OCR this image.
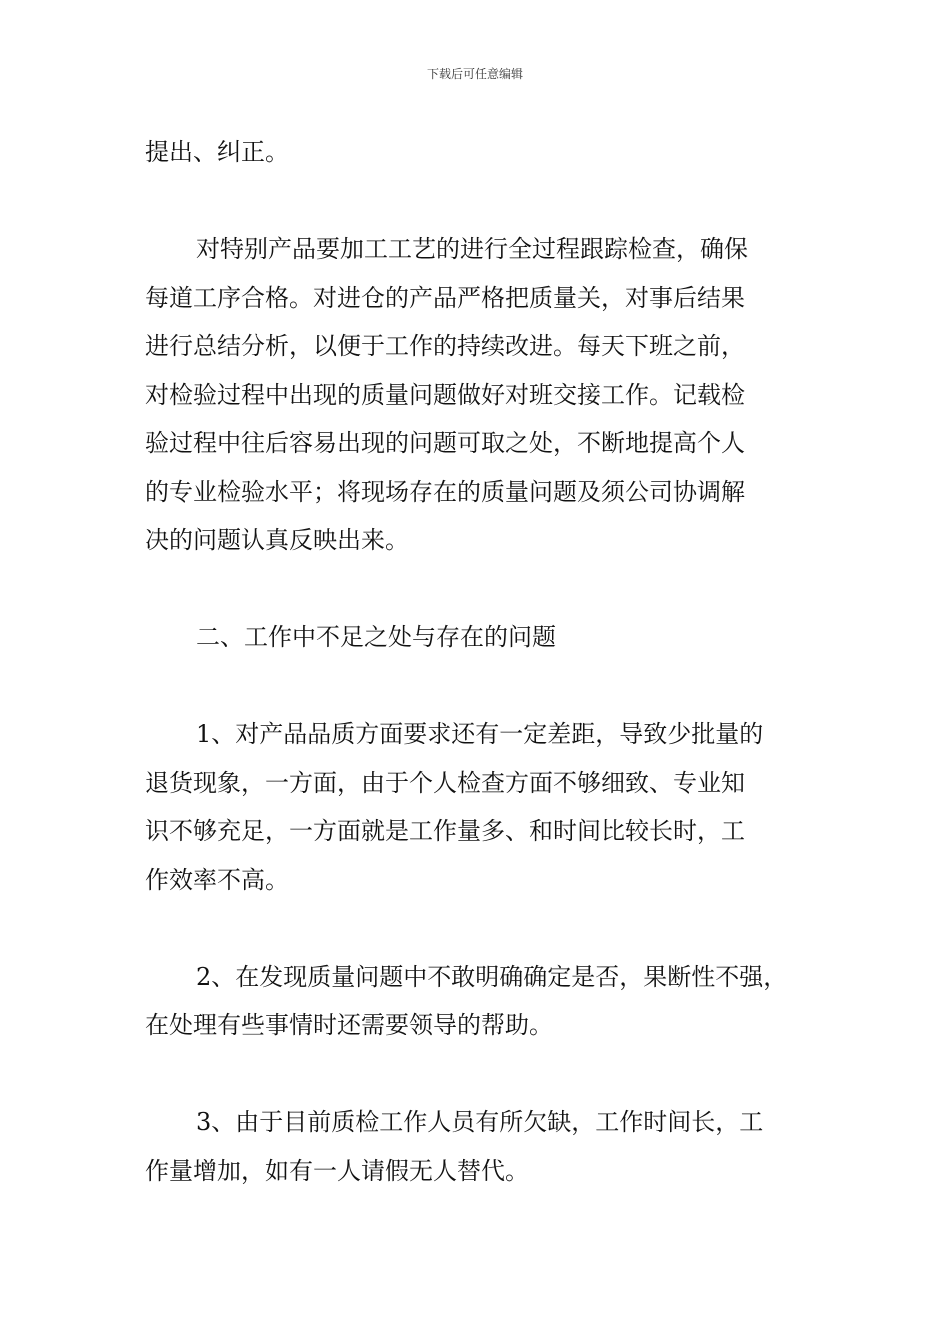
下载后可任意编辑

提出、纠正。

对特别产品要加工工艺的进行全过程跟踪检查，确保

每道工序合格。对进仓的产品严格把质量关，对事后结果

进行总结分析，以便于工作的持续改进。每天下班之前，

对检验过程中出现的质量问题做好对班交接工作。记载检

验过程中往后容易出现的问题可取之处，不断地提高个人

的专业检验水平；将现场存在的质量问题及须公司协调解

决的问题认真反映出来。

二、工作中不足之处与存在的问题

1、对产品品质方面要求还有一定差距，导致少批量的

退货现象，一方面，由于个人检查方面不够细致、专业知

识不够充足，一方面就是工作量多、和时间比较长时，工

作效率不高。

2、在发现质量问题中不敢明确确定是否，果断性不强，

在处理有些事情时还需要领导的帮助。

3、由于目前质检工作人员有所欠缺，工作时间长，工

作量增加，如有一人请假无人替代。
